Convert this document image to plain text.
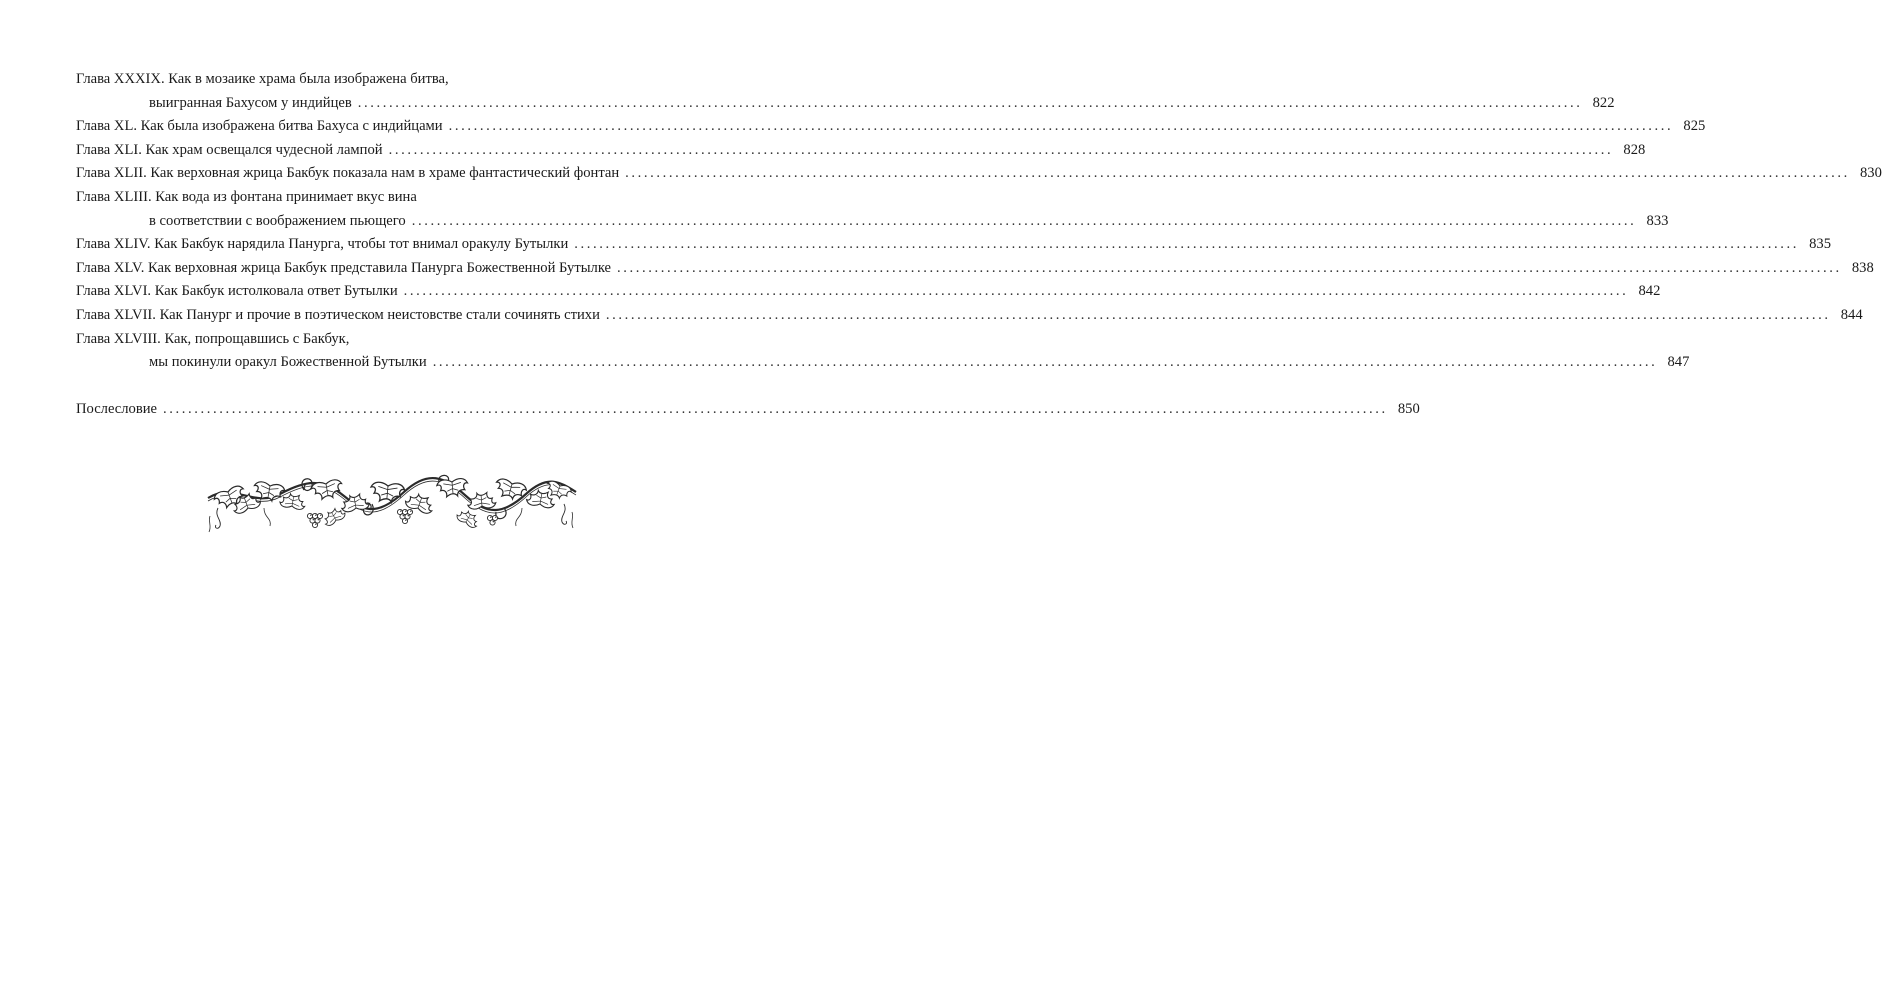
Глава XXXIX. Как в мозаике храма была изображена битва,
выигранная Бахусом у индийцев .....	822
Глава XL. Как была изображена битва Бахуса с индийцами .....	825
Глава XLI. Как храм освещался чудесной лампой .....	828
Глава XLII. Как верховная жрица Бакбук показала нам в храме фантастический фонтан .....	830
Глава XLIII. Как вода из фонтана принимает вкус вина
в соответствии с воображением пьющего .....	833
Глава XLIV. Как Бакбук нарядила Панурга, чтобы тот внимал оракулу Бутылки .....	835
Глава XLV. Как верховная жрица Бакбук представила Панурга Божественной Бутылке .....	838
Глава XLVI. Как Бакбук истолковала ответ Бутылки .....	842
Глава XLVII. Как Панург и прочие в поэтическом неистовстве стали сочинять стихи .....	844
Глава XLVIII. Как, попрощавшись с Бакбук,
мы покинули оракул Божественной Бутылки .....	847
Послесловие .....	850
